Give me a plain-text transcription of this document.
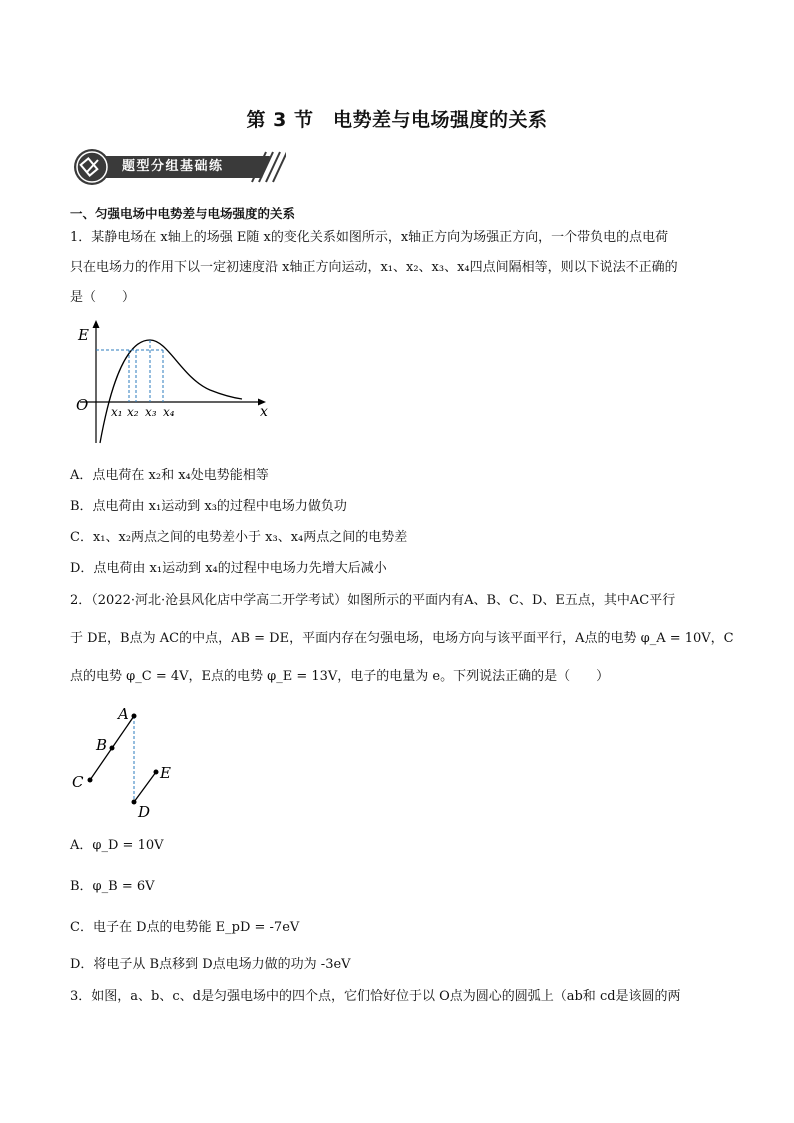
第 3 节　电势差与电场强度的关系
题型分组基础练
一、匀强电场中电势差与电场强度的关系
1．某静电场在 x轴上的场强 E随 x的变化关系如图所示，x轴正方向为场强正方向，一个带负电的点电荷
只在电场力的作用下以一定初速度沿 x轴正方向运动，x₁、x₂、x₃、x₄四点间隔相等，则以下说法不正确的
是（　　）
E
x
O x₁ x₂ x₃ x₄
A．点电荷在 x₂和 x₄处电势能相等
B．点电荷由 x₁运动到 x₃的过程中电场力做负功
C．x₁、x₂两点之间的电势差小于 x₃、x₄两点之间的电势差
D．点电荷由 x₁运动到 x₄的过程中电场力先增大后减小
2．（2022·河北·沧县风化店中学高二开学考试）如图所示的平面内有A、B、C、D、E五点，其中AC平行
于 DE，B点为 AC的中点，AB = DE，平面内存在匀强电场，电场方向与该平面平行，A点的电势 φ_A = 10V，C
点的电势 φ_C = 4V，E点的电势 φ_E = 13V，电子的电量为 e。下列说法正确的是（　　）
A
B
C
D
E
A．φ_D = 10V
B．φ_B = 6V
C．电子在 D点的电势能 E_pD = -7eV
D．将电子从 B点移到 D点电场力做的功为 -3eV
3．如图，a、b、c、d是匀强电场中的四个点，它们恰好位于以 O点为圆心的圆弧上（ab和 cd是该圆的两
